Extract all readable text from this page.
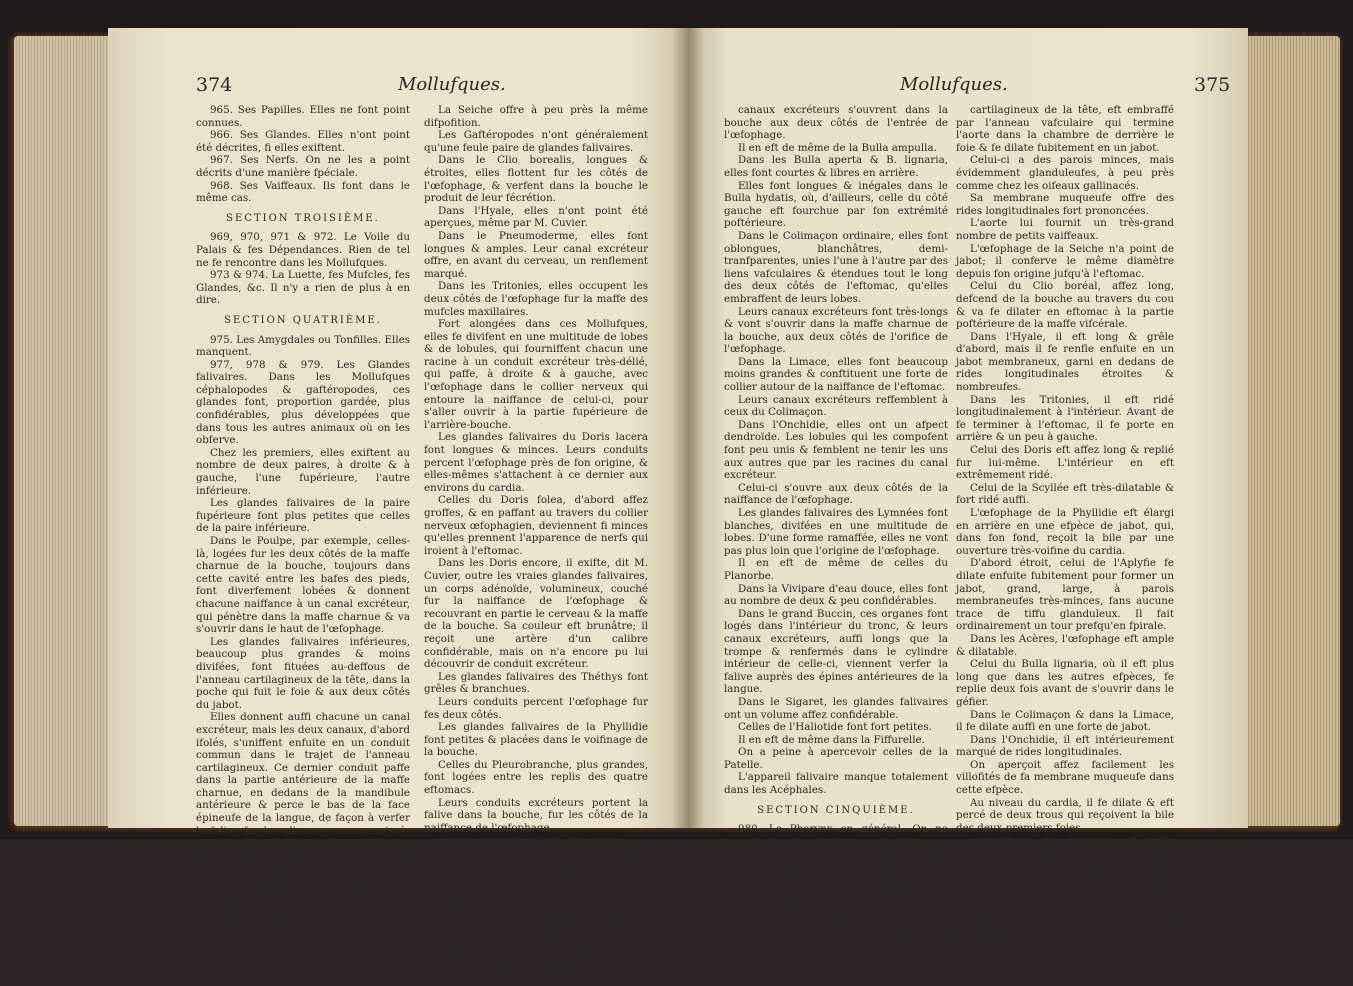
374	Mollufques.

965. Ses Papilles. Elles ne font point connues.

966. Ses Glandes. Elles n'ont point été décrites, fi elles exiftent.

967. Ses Nerfs. On ne les a point décrits d'une manière fpéciale.

968. Ses Vaiffeaux. Ils font dans le même cas.

SECTION TROISIÈME.

969, 970, 971 & 972. Le Voile du Palais & fes Dépendances. Rien de tel ne fe rencontre dans les Mollufques.

973 & 974. La Luette, fes Mufcles, fes Glandes, &c. Il n'y a rien de plus à en dire.

SECTION QUATRIÈME.

975. Les Amygdales ou Tonfilles. Elles manquent.

977, 978 & 979. Les Glandes falivaires. Dans les Mollufques céphalopodes & gaftéropodes, ces glandes font, proportion gardée, plus confidérables, plus développées que dans tous les autres animaux où on les obferve.

Chez les premiers, elles exiftent au nombre de deux paires, à droite & à gauche, l'une fupérieure, l'autre inférieure.

Les glandes falivaires de la paire fupérieure font plus petites que celles de la paire inférieure.

Dans le Poulpe, par exemple, celles-là, logées fur les deux côtés de la maffe charnue de la bouche, toujours dans cette cavité entre les bafes des pieds, font diverfement lobées & donnent chacune naiffance à un canal excréteur, qui pénètre dans la maffe charnue & va s'ouvrir dans le haut de l'œfophage.

Les glandes falivaires inférieures, beaucoup plus grandes & moins divifées, font fituées au-deffous de l'anneau cartilagineux de la tête, dans la poche qui fuit le foie & aux deux côtés du jabot.

Elles donnent auffi chacune un canal excréteur, mais les deux canaux, d'abord ifolés, s'uniffent enfuite en un conduit commun dans le trajet de l'anneau cartilagineux. Ce dernier conduit paffe dans la partie antérieure de la maffe charnue, en dedans de la mandibule antérieure & perce le bas de la face épineufe de la langue, de façon à verfer la falive fur les alimens au moment où, venant d'être divifés par les mandibules, ils font faifis par les épines pour entrer dans l'œfophage.

Toutes ces glandes font blanchâtres, aplaties, grenues.

Elles reçoivent des vaiffeaux nombreux & fort gros.

La Seiche offre à peu près la même difpofition.

Les Gaftéropodes n'ont généralement qu'une feule paire de glandes falivaires.

Dans le Clio borealis, longues & étroites, elles flottent fur les côtés de l'œfophage, & verfent dans la bouche le produit de leur fécrétion.

Dans l'Hyale, elles n'ont point été aperçues, même par M. Cuvier.

Dans le Pneumoderme, elles font longues & amples. Leur canal excréteur offre, en avant du cerveau, un renflement marqué.

Dans les Tritonies, elles occupent les deux côtés de l'œfophage fur la maffe des mufcles maxillaires.

Fort alongées dans ces Mollufques, elles fe divifent en une multitude de lobes & de lobules, qui fourniffent chacun une racine à un conduit excréteur très-délié, qui paffe, à droite & à gauche, avec l'œfophage dans le collier nerveux qui entoure la naiffance de celui-ci, pour s'aller ouvrir à la partie fupérieure de l'arrière-bouche.

Les glandes falivaires du Doris lacera font longues & minces. Leurs conduits percent l'œfophage près de fon origine, & elles-mêmes s'attachent à ce dernier aux environs du cardia.

Celles du Doris folea, d'abord affez groffes, & en paffant au travers du collier nerveux œfophagien, deviennent fi minces qu'elles prennent l'apparence de nerfs qui iroient à l'eftomac.

Dans les Doris encore, il exifte, dit M. Cuvier, outre les vraies glandes falivaires, un corps adénoïde, volumineux, couché fur la naiffance de l'œfophage & recouvrant en partie le cerveau & la maffe de la bouche. Sa couleur eft brunâtre; il reçoit une artère d'un calibre confidérable, mais on n'a encore pu lui découvrir de conduit excréteur.

Les glandes falivaires des Théthys font grêles & branchues.

Leurs conduits percent l'œfophage fur fes deux côtés.

Les glandes falivaires de la Phyllidie font petites & placées dans le voifinage de la bouche.

Celles du Pleurobranche, plus grandes, font logées entre les replis des quatre eftomacs.

Leurs conduits excréteurs portent la falive dans la bouche, fur les côtés de la naiffance de l'œfophage.

Ils font, par conféquent, très-longs.

Le corps adénoïde, dont nous avons fignalé la préfence dans les Doris, exifte auffi chez les Phyllidies & les Pleurobranches, mais fans y être mieux connu.

Dans les Aplyfies, les glandes falivaires font minces & très-longues; elles flottent comme deux rubans le long de l'œfophage; leur extrémité poftérieure eft attachée au fecond eftomac; leurs

Mollufques.	375

canaux excréteurs s'ouvrent dans la bouche aux deux côtés de l'entrée de l'œfophage.

Il en eft de même de la Bulla ampulla.

Dans les Bulla aperta & B. lignaria, elles font courtes & libres en arrière.

Elles font longues & inégales dans le Bulla hydatis, où, d'ailleurs, celle du côté gauche eft fourchue par fon extrémité poftérieure.

Dans le Colimaçon ordinaire, elles font oblongues, blanchâtres, demi-tranfparentes, unies l'une à l'autre par des liens vafculaires & étendues tout le long des deux côtés de l'eftomac, qu'elles embraffent de leurs lobes.

Leurs canaux excréteurs font très-longs & vont s'ouvrir dans la maffe charnue de la bouche, aux deux côtés de l'orifice de l'œfophage.

Dans la Limace, elles font beaucoup moins grandes & conftituent une forte de collier autour de la naiffance de l'eftomac.

Leurs canaux excréteurs reffemblent à ceux du Colimaçon.

Dans l'Onchidie, elles ont un afpect dendroïde. Les lobules qui les compofent font peu unis & femblent ne tenir les uns aux autres que par les racines du canal excréteur.

Celui-ci s'ouvre aux deux côtés de la naiffance de l'œfophage.

Les glandes falivaires des Lymnées font blanches, divifées en une multitude de lobes. D'une forme ramaffée, elles ne vont pas plus loin que l'origine de l'œfophage.

Il en eft de même de celles du Planorbe.

Dans la Vivipare d'eau douce, elles font au nombre de deux & peu confidérables.

Dans le grand Buccin, ces organes font logés dans l'intérieur du tronc, & leurs canaux excréteurs, auffi longs que la trompe & renfermés dans le cylindre intérieur de celle-ci, viennent verfer la falive auprès des épines antérieures de la langue.

Dans le Sigaret, les glandes falivaires ont un volume affez confidérable.

Celles de l'Haliotide font fort petites.

Il en eft de même dans la Fiffurelle.

On a peine à apercevoir celles de la Patelle.

L'appareil falivaire manque totalement dans les Acéphales.

SECTION CINQUIÈME.

980. Le Pharynx en général. On ne fauroit, chez les Mollufques, le diftinguer d'une manière exacte de l'œfophage lui-même.

988. L'Œfophage, fa Situation. Dans le Poulpe, l'œfophage, affez mince, naît derrière la langue, traverfe la maffe charnue de la bouche en dedans de la mâchoire poftérieure, defcend par l'anneau

cartilagineux de la tête, eft embraffé par l'anneau vafculaire qui termine l'aorte dans la chambre de derrière le foie & fe dilate fubitement en un jabot.

Celui-ci a des parois minces, mais évidemment glanduleufes, à peu près comme chez les oifeaux gallinacés.

Sa membrane muqueufe offre des rides longitudinales fort prononcées.

L'aorte lui fournit un très-grand nombre de petits vaiffeaux.

L'œfophage de la Seiche n'a point de jabot; il conferve le même diamètre depuis fon origine jufqu'à l'eftomac.

Celui du Clio boréal, affez long, defcend de la bouche au travers du cou & va fe dilater en eftomac à la partie poftérieure de la maffe vifcérale.

Dans l'Hyale, il eft long & grêle d'abord, mais il fe renfle enfuite en un jabot membraneux, garni en dedans de rides longitudinales étroites & nombreufes.

Dans les Tritonies, il eft ridé longitudinalement à l'intérieur. Avant de fe terminer à l'eftomac, il fe porte en arrière & un peu à gauche.

Celui des Doris eft affez long & replié fur lui-même. L'intérieur en eft extrêmement ridé.

Celui de la Scyllée eft très-dilatable & fort ridé auffi.

L'œfophage de la Phyllidie eft élargi en arrière en une efpèce de jabot, qui, dans fon fond, reçoit la bile par une ouverture très-voifine du cardia.

D'abord étroit, celui de l'Aplyfie fe dilate enfuite fubitement pour former un jabot, grand, large, à parois membraneufes très-minces, fans aucune trace de tiffu glanduleux. Il fait ordinairement un tour prefqu'en fpirale.

Dans les Acères, l'œfophage eft ample & dilatable.

Celui du Bulla lignaria, où il eft plus long que dans les autres efpèces, fe replie deux fois avant de s'ouvrir dans le géfier.

Dans le Colimaçon & dans la Limace, il fe dilate auffi en une forte de jabot.

Dans l'Onchidie, il eft intérieurement marqué de rides longitudinales.

On aperçoit affez facilement les villofités de fa membrane muqueufe dans cette efpèce.

Au niveau du cardia, il fe dilate & eft percé de deux trous qui reçoivent la bile des deux premiers foies.

L'œfophage des Lymnées eft pliffé longitudinalement & d'une teinte noirâtre.

Il en eft de même dans le Planorbe corné.

Dans la Vivipare d'eau douce, ce conduit eft remarquable par fa longueur & par la ténuité de fes parois.

Il fait un repli avant d'avoir quitté le deffus du pied, & il en décrit un fecond dans la fpire avant de communiquer avec l'eftomac.
